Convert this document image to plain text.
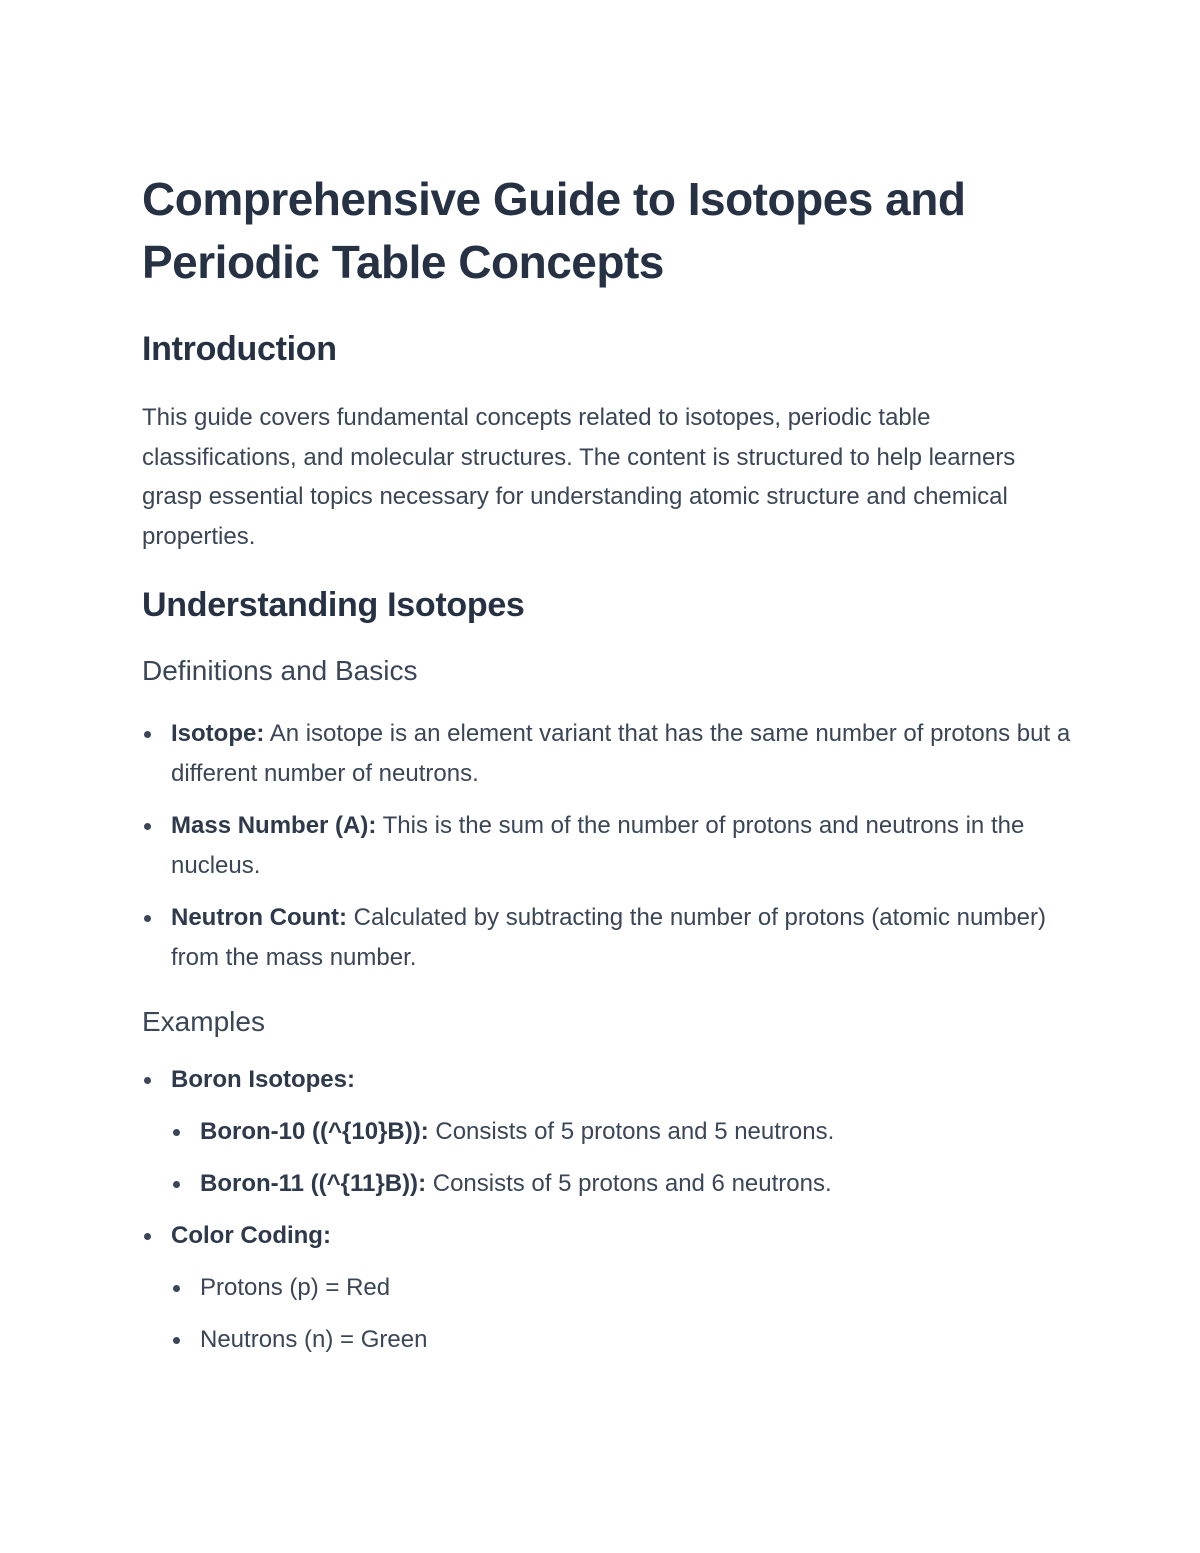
Comprehensive Guide to Isotopes and Periodic Table Concepts
Introduction

This guide covers fundamental concepts related to isotopes, periodic table classifications, and molecular structures. The content is structured to help learners grasp essential topics necessary for understanding atomic structure and chemical properties.

Understanding Isotopes
Definitions and Basics
Isotope: An isotope is an element variant that has the same number of protons but a different number of neutrons.
Mass Number (A): This is the sum of the number of protons and neutrons in the nucleus.
Neutron Count: Calculated by subtracting the number of protons (atomic number) from the mass number.
Examples
Boron Isotopes:
Boron-10 ((^{10}B)): Consists of 5 protons and 5 neutrons.
Boron-11 ((^{11}B)): Consists of 5 protons and 6 neutrons.
Color Coding:
Protons (p) = Red
Neutrons (n) = Green
